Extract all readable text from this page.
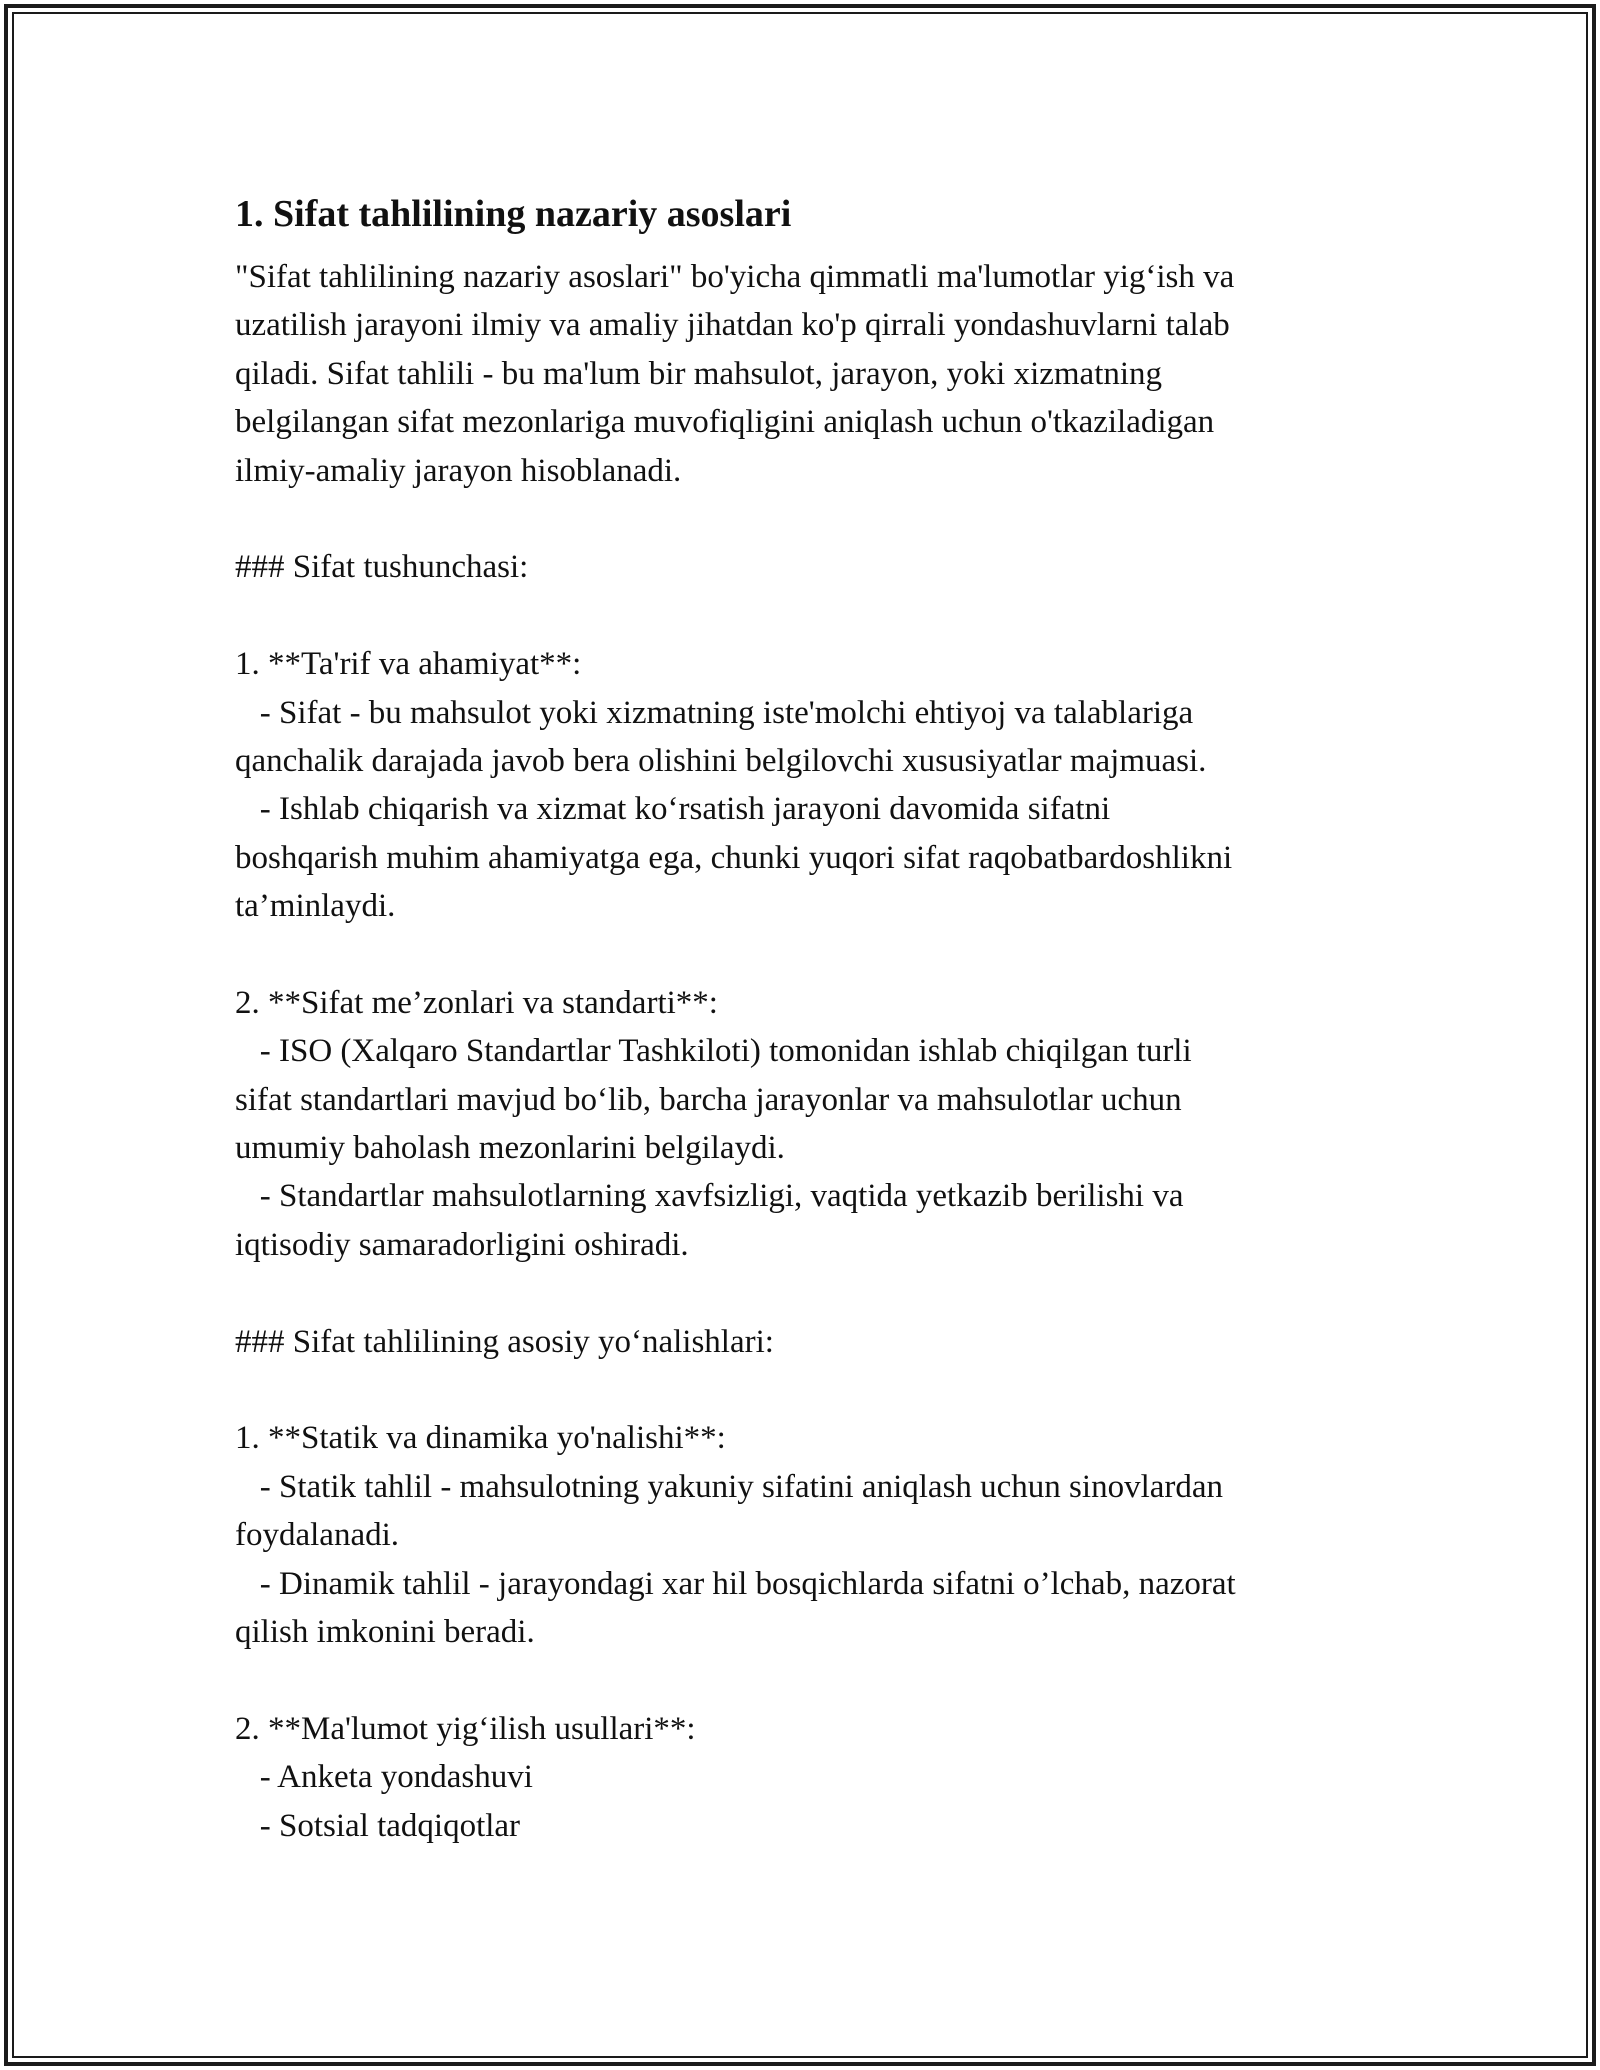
1. Sifat tahlilining nazariy asoslari
"Sifat tahlilining nazariy asoslari" bo'yicha qimmatli ma'lumotlar yig‘ish va
uzatilish jarayoni ilmiy va amaliy jihatdan ko'p qirrali yondashuvlarni talab
qiladi. Sifat tahlili - bu ma'lum bir mahsulot, jarayon, yoki xizmatning
belgilangan sifat mezonlariga muvofiqligini aniqlash uchun o'tkaziladigan
ilmiy-amaliy jarayon hisoblanadi.
### Sifat tushunchasi:
1. **Ta'rif va ahamiyat**:
- Sifat - bu mahsulot yoki xizmatning iste'molchi ehtiyoj va talablariga
qanchalik darajada javob bera olishini belgilovchi xususiyatlar majmuasi.
- Ishlab chiqarish va xizmat ko‘rsatish jarayoni davomida sifatni
boshqarish muhim ahamiyatga ega, chunki yuqori sifat raqobatbardoshlikni
ta’minlaydi.
2. **Sifat me’zonlari va standarti**:
- ISO (Xalqaro Standartlar Tashkiloti) tomonidan ishlab chiqilgan turli
sifat standartlari mavjud bo‘lib, barcha jarayonlar va mahsulotlar uchun
umumiy baholash mezonlarini belgilaydi.
- Standartlar mahsulotlarning xavfsizligi, vaqtida yetkazib berilishi va
iqtisodiy samaradorligini oshiradi.
### Sifat tahlilining asosiy yo‘nalishlari:
1. **Statik va dinamika yo'nalishi**:
- Statik tahlil - mahsulotning yakuniy sifatini aniqlash uchun sinovlardan
foydalanadi.
- Dinamik tahlil - jarayondagi xar hil bosqichlarda sifatni o’lchab, nazorat
qilish imkonini beradi.
2. **Ma'lumot yig‘ilish usullari**:
- Anketa yondashuvi
- Sotsial tadqiqotlar
